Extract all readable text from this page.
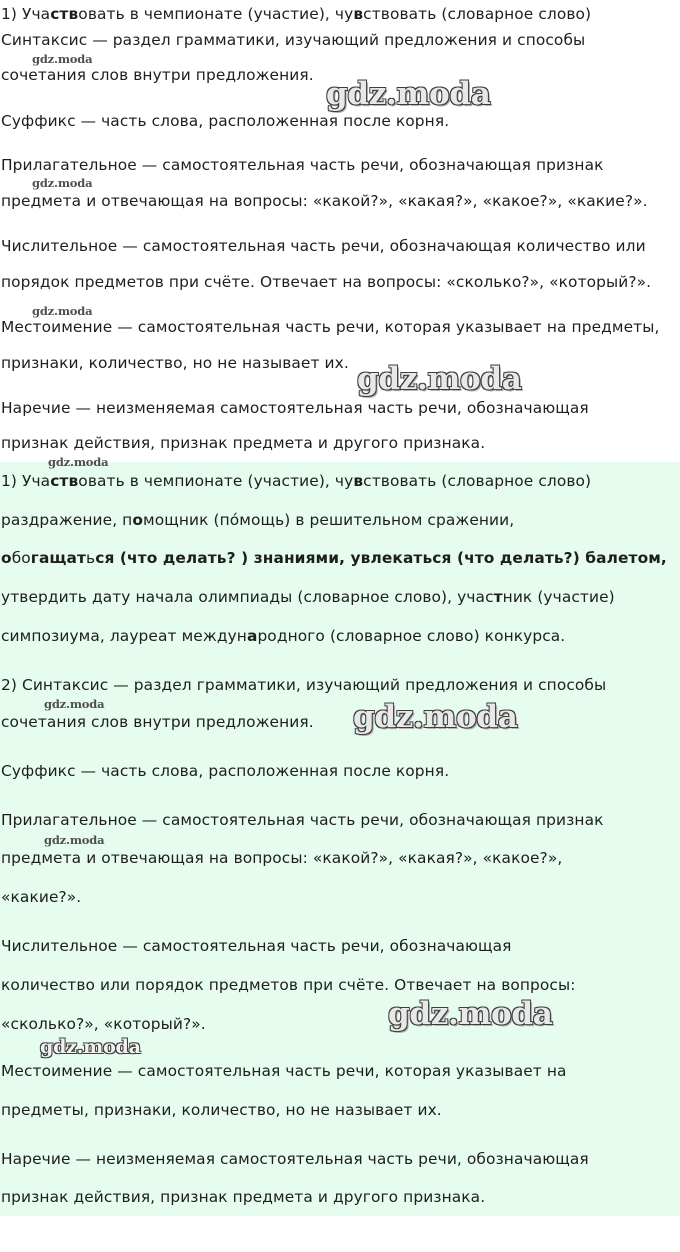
1) Участвовать в чемпионате (участие), чувствовать (словарное слово)

Синтаксис — раздел грамматики, изучающий предложения и способы

сочетания слов внутри предложения.

Суффикс — часть слова, расположенная после корня.

Прилагательное — самостоятельная часть речи, обозначающая признак

предмета и отвечающая на вопросы: «какой?», «какая?», «какое?», «какие?».

Числительное — самостоятельная часть речи, обозначающая количество или

порядок предметов при счёте. Отвечает на вопросы: «сколько?», «который?».

Местоимение — самостоятельная часть речи, которая указывает на предметы,

признаки, количество, но не называет их.

Наречие — неизменяемая самостоятельная часть речи, обозначающая

признак действия, признак предмета и другого признака.

1) Участвовать в чемпионате (участие), чувствовать (словарное слово)

раздражение, помощник (по́мощь) в решительном сражении,

обогащаться (что делать? ) знаниями, увлекаться (что делать?) балетом,

утвердить дату начала олимпиады (словарное слово), участник (участие)

симпозиума, лауреат международного (словарное слово) конкурса.

2) Синтаксис — раздел грамматики, изучающий предложения и способы

сочетания слов внутри предложения.

Суффикс — часть слова, расположенная после корня.

Прилагательное — самостоятельная часть речи, обозначающая признак

предмета и отвечающая на вопросы: «какой?», «какая?», «какое?»,

«какие?».

Числительное — самостоятельная часть речи, обозначающая

количество или порядок предметов при счёте. Отвечает на вопросы:

«сколько?», «который?».

Местоимение — самостоятельная часть речи, которая указывает на

предметы, признаки, количество, но не называет их.

Наречие — неизменяемая самостоятельная часть речи, обозначающая

признак действия, признак предмета и другого признака.

gdz.moda
gdz.moda
gdz.moda
gdz.moda
gdz.moda
gdz.moda
gdz.moda	gdz.moda
gdz.moda
gdz.moda
gdz.moda
